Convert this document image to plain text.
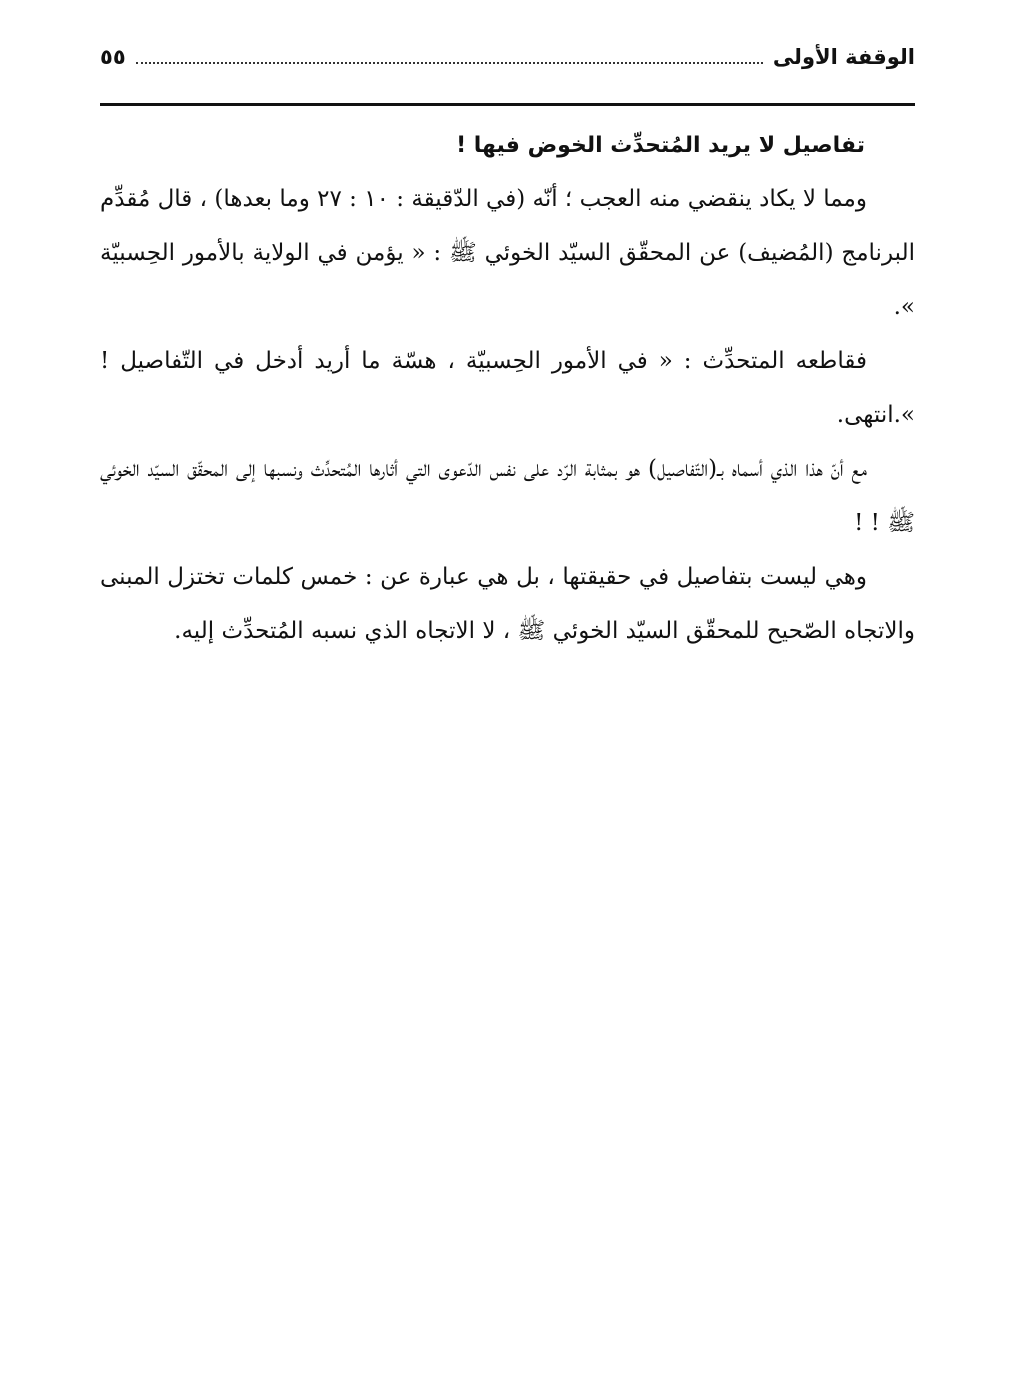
الوقفة الأولى
٥٥

تفاصيل لا يريد المُتحدِّث الخوض فيها !

ومما لا يكاد ينقضي منه العجب ؛ أنّه (في الدّقيقة : ١٠ : ٢٧ وما بعدها) ، قال مُقدِّم البرنامج (المُضيف) عن المحقّق السيّد الخوئي ﷺ : « يؤمن في الولاية بالأمور الحِسبيّة ».

فقاطعه المتحدِّث : « في الأمور الحِسبيّة ، هسّة ما أريد أدخل في التّفاصيل ! ».انتهى.

مع أنّ هذا الذي أسماه بـ(التّفاصيل) هو بمثابة الرّد على نفس الدّعوى التي أثارها المُتحدِّث ونسبها إلى المحقّق السيّد الخوئي ﷺ ! !

وهي ليست بتفاصيل في حقيقتها ، بل هي عبارة عن : خمس كلمات تختزل المبنى والاتجاه الصّحيح للمحقّق السيّد الخوئي ﷺ ، لا الاتجاه الذي نسبه المُتحدِّث إليه.
